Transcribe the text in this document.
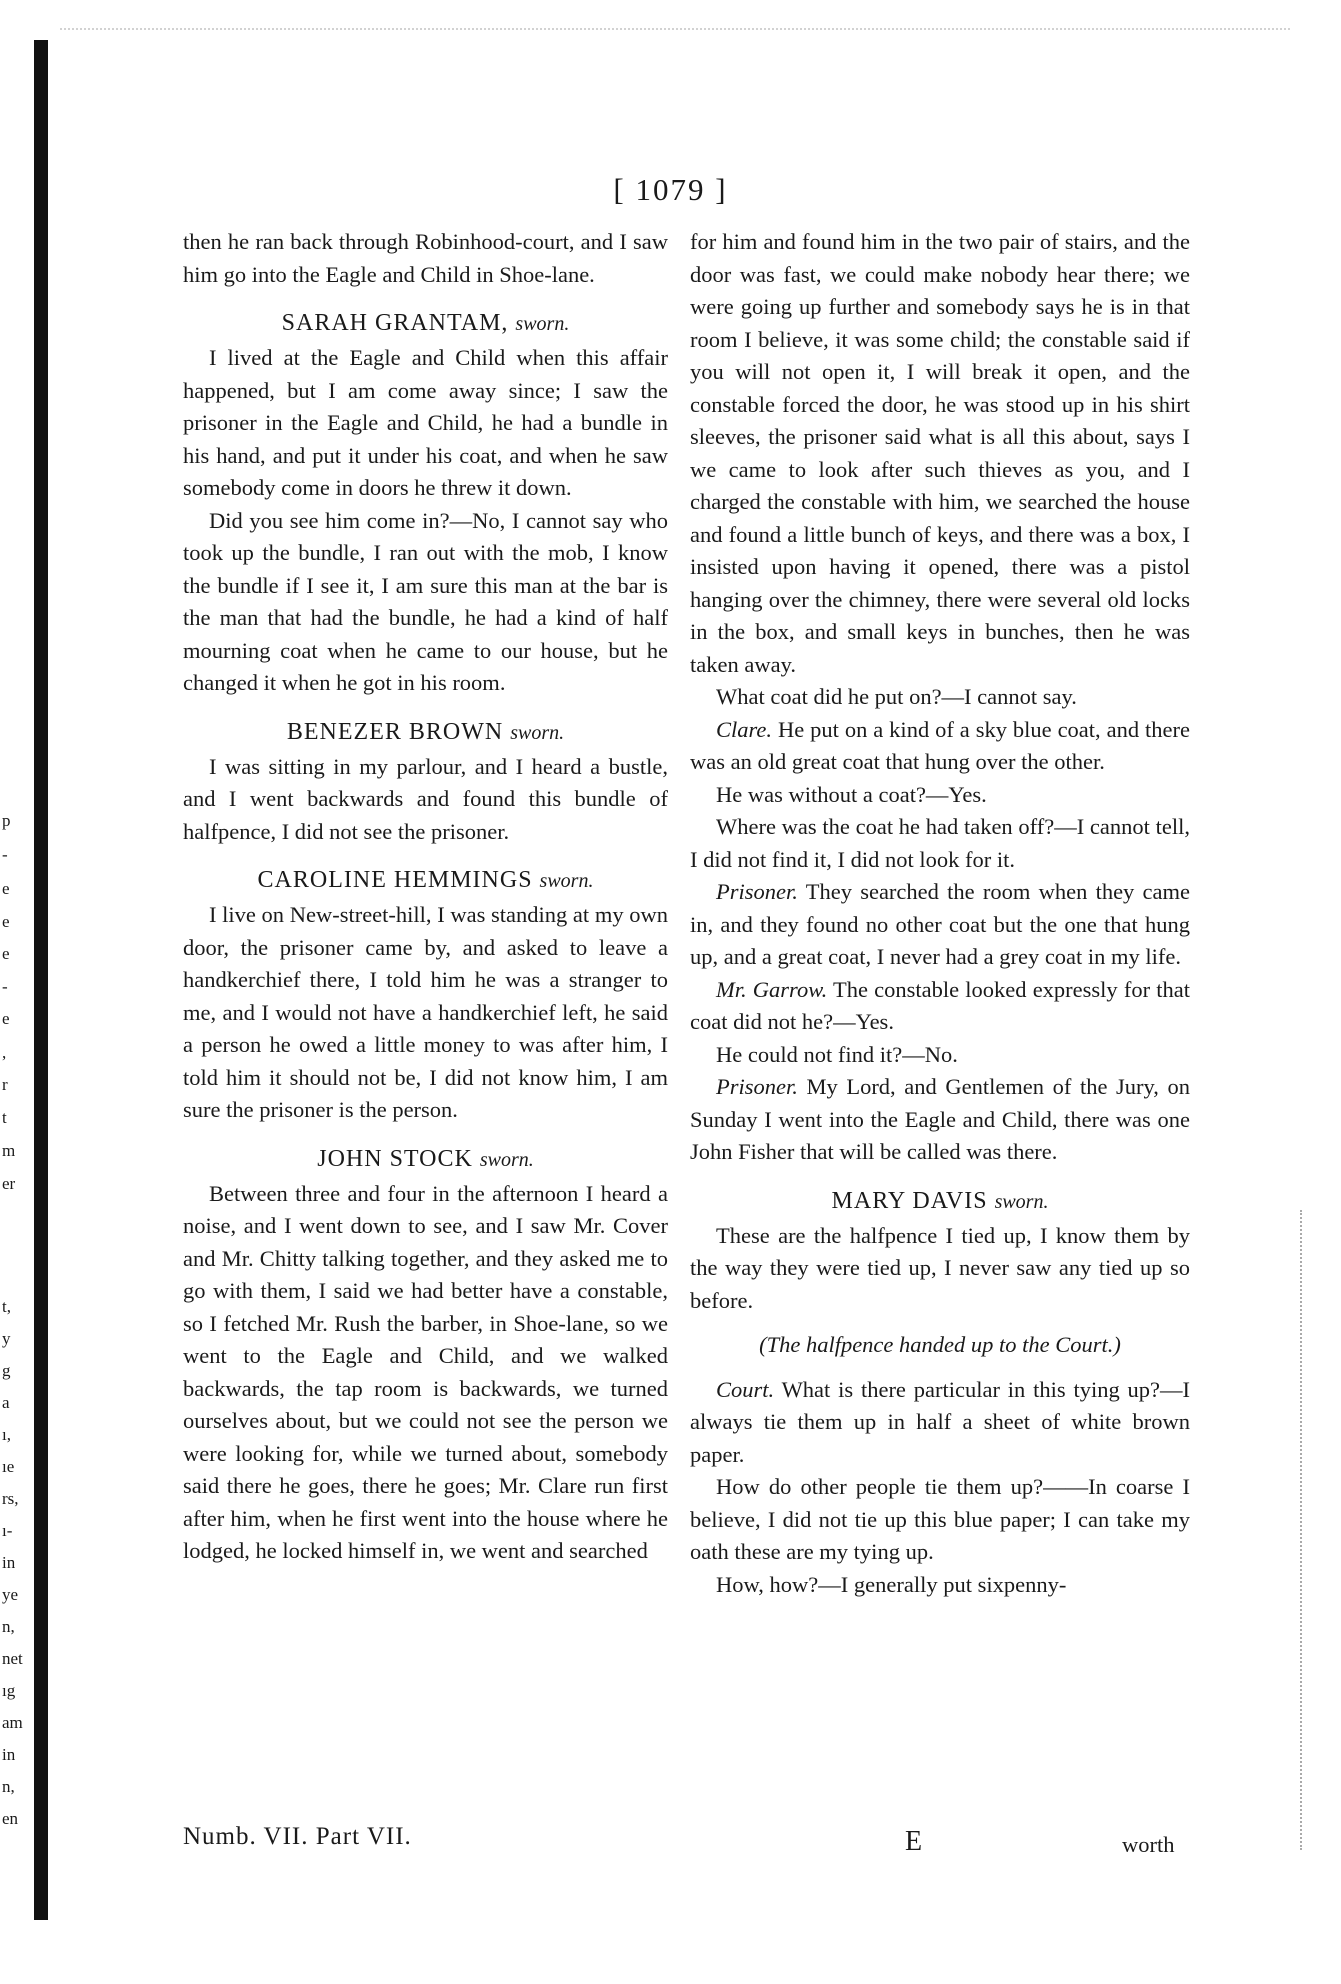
p
-
e
e
e
-
e
,
r
t
m
er
t,
y
g
a
ı,
ıe
rs,
ı-
in
ye
n,
net
ıg
am
in
n,
en
[ 1079 ]

then he ran back through Robinhood-court, and I saw him go into the Eagle and Child in Shoe-lane.

SARAH GRANTAM, sworn.

I lived at the Eagle and Child when this affair happened, but I am come away since; I saw the prisoner in the Eagle and Child, he had a bundle in his hand, and put it under his coat, and when he saw somebody come in doors he threw it down.

Did you see him come in?—No, I cannot say who took up the bundle, I ran out with the mob, I know the bundle if I see it, I am sure this man at the bar is the man that had the bundle, he had a kind of half mourning coat when he came to our house, but he changed it when he got in his room.

BENEZER BROWN sworn.

I was sitting in my parlour, and I heard a bustle, and I went backwards and found this bundle of halfpence, I did not see the prisoner.

CAROLINE HEMMINGS sworn.

I live on New-street-hill, I was standing at my own door, the prisoner came by, and asked to leave a handkerchief there, I told him he was a stranger to me, and I would not have a handkerchief left, he said a person he owed a little money to was after him, I told him it should not be, I did not know him, I am sure the prisoner is the person.

JOHN STOCK sworn.

Between three and four in the afternoon I heard a noise, and I went down to see, and I saw Mr. Cover and Mr. Chitty talking together, and they asked me to go with them, I said we had better have a constable, so I fetched Mr. Rush the barber, in Shoe-lane, so we went to the Eagle and Child, and we walked backwards, the tap room is backwards, we turned ourselves about, but we could not see the person we were looking for, while we turned about, somebody said there he goes, there he goes; Mr. Clare run first after him, when he first went into the house where he lodged, he locked himself in, we went and searched

for him and found him in the two pair of stairs, and the door was fast, we could make nobody hear there; we were going up further and somebody says he is in that room I believe, it was some child; the constable said if you will not open it, I will break it open, and the constable forced the door, he was stood up in his shirt sleeves, the prisoner said what is all this about, says I we came to look after such thieves as you, and I charged the constable with him, we searched the house and found a little bunch of keys, and there was a box, I insisted upon having it opened, there was a pistol hanging over the chimney, there were several old locks in the box, and small keys in bunches, then he was taken away.

What coat did he put on?—I cannot say.

Clare. He put on a kind of a sky blue coat, and there was an old great coat that hung over the other.

He was without a coat?—Yes.

Where was the coat he had taken off?—I cannot tell, I did not find it, I did not look for it.

Prisoner. They searched the room when they came in, and they found no other coat but the one that hung up, and a great coat, I never had a grey coat in my life.

Mr. Garrow. The constable looked expressly for that coat did not he?—Yes.

He could not find it?—No.

Prisoner. My Lord, and Gentlemen of the Jury, on Sunday I went into the Eagle and Child, there was one John Fisher that will be called was there.

MARY DAVIS sworn.

These are the halfpence I tied up, I know them by the way they were tied up, I never saw any tied up so before.

(The halfpence handed up to the Court.)

Court. What is there particular in this tying up?—I always tie them up in half a sheet of white brown paper.

How do other people tie them up?——In coarse I believe, I did not tie up this blue paper; I can take my oath these are my tying up.

How, how?—I generally put sixpenny-

Numb. VII. Part VII.	E	worth
